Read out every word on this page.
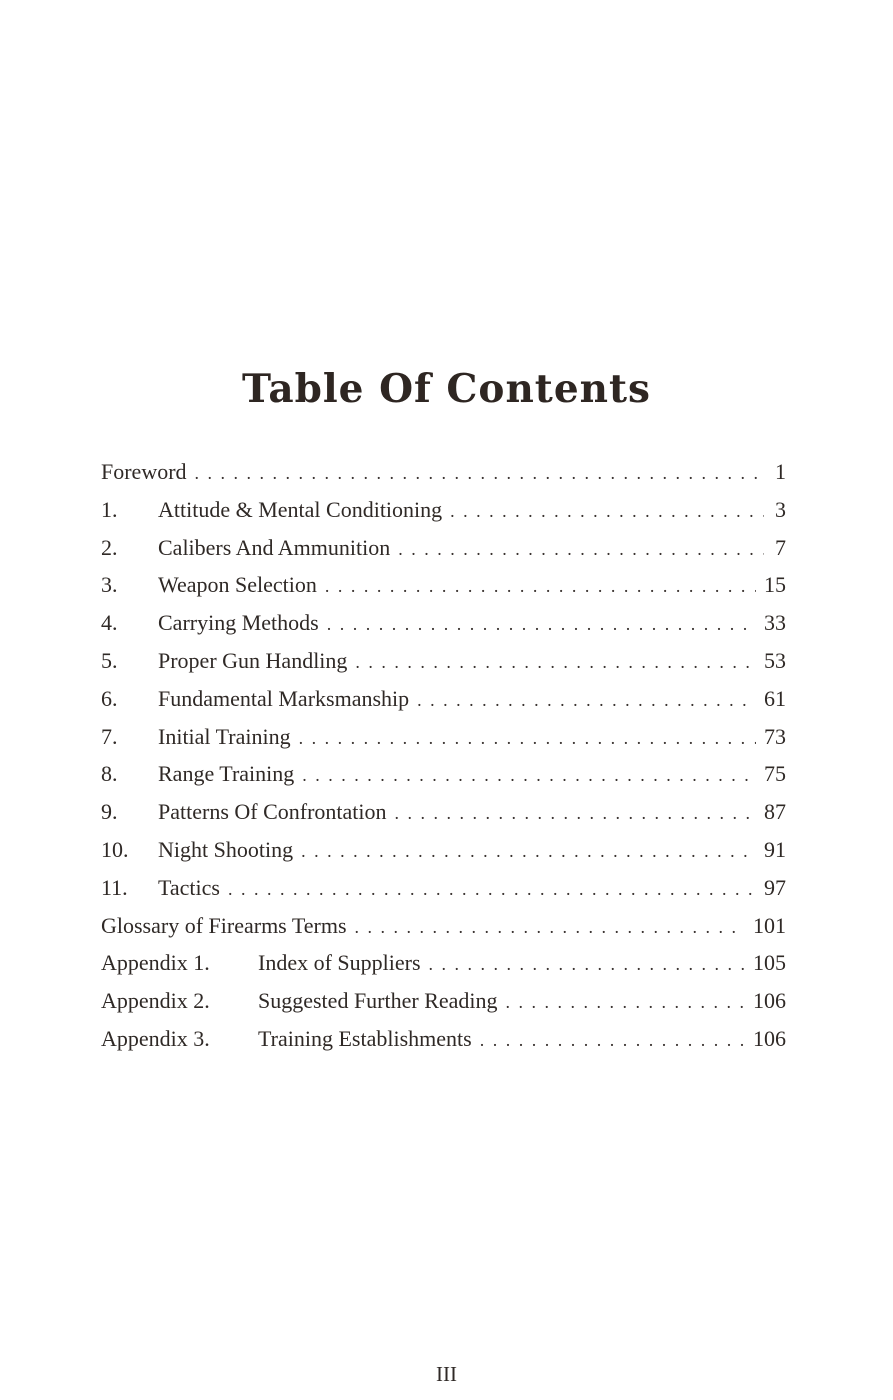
Table Of Contents
Foreword . . .	1
1.	Attitude & Mental Conditioning . . .	3
2.	Calibers And Ammunition . . .	7
3.	Weapon Selection . . .	15
4.	Carrying Methods . . .	33
5.	Proper Gun Handling . . .	53
6.	Fundamental Marksmanship . . .	61
7.	Initial Training . . .	73
8.	Range Training . . .	75
9.	Patterns Of Confrontation . . .	87
10.	Night Shooting . . .	91
11.	Tactics . . .	97
Glossary of Firearms Terms . . .	101
Appendix 1.	Index of Suppliers . . .	105
Appendix 2.	Suggested Further Reading . . .	106
Appendix 3.	Training Establishments . . .	106
III
